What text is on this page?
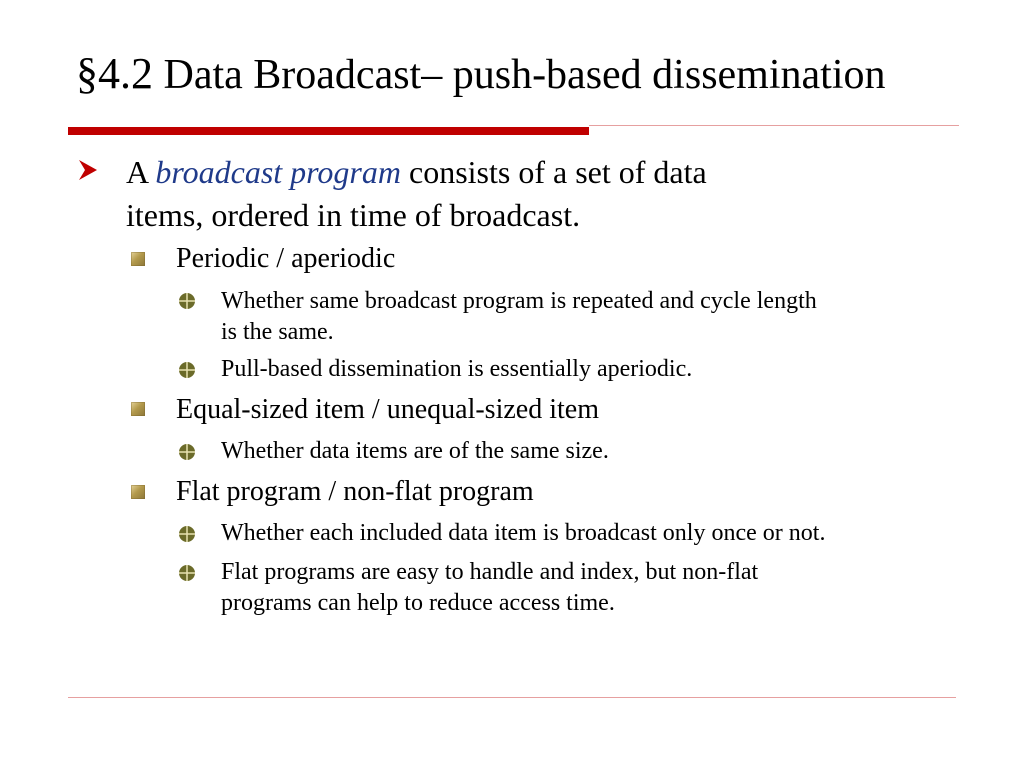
§4.2 Data Broadcast– push-based dissemination
A broadcast program consists of a set of data
items, ordered in time of broadcast.
Periodic / aperiodic
Whether same broadcast program is repeated and cycle length
is the same.
Pull-based dissemination is essentially aperiodic.
Equal-sized item / unequal-sized item
Whether data items are of the same size.
Flat program / non-flat program
Whether each included data item is broadcast only once or not.
Flat programs are easy to handle and index, but non-flat
programs can help to reduce access time.
